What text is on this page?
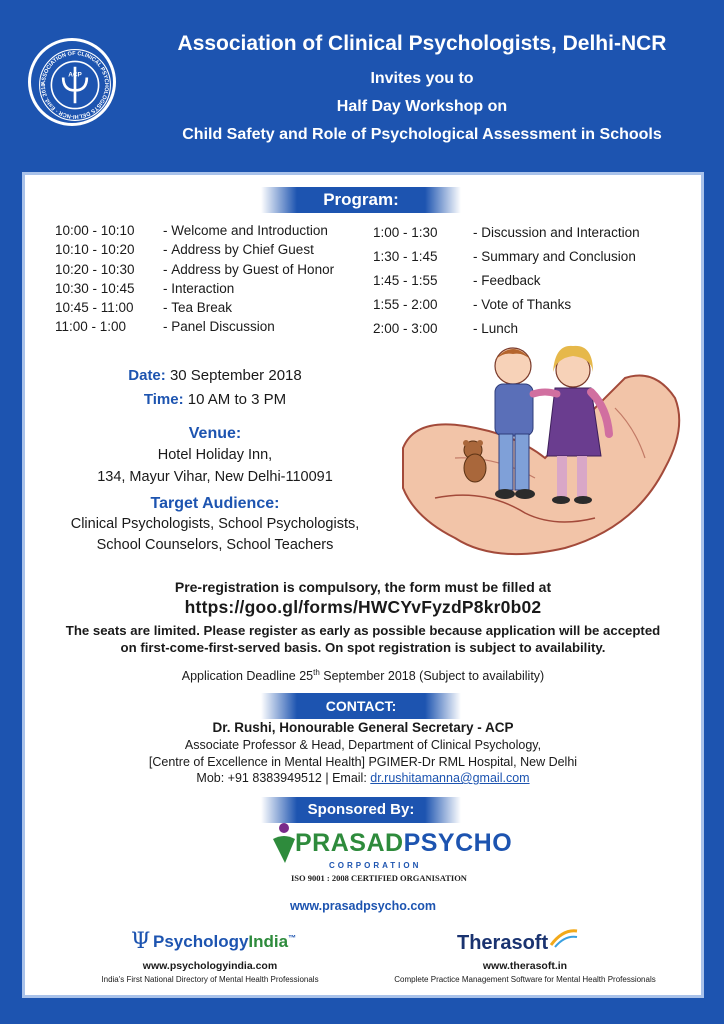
ACP
ASSOCIATION OF CLINICAL PSYCHOLOGISTS DELHI-NCR · Estd. 2018
Association of Clinical Psychologists, Delhi-NCR
Invites you to
Half Day Workshop on
Child Safety and Role of Psychological Assessment in Schools
Program:
10:00 - 10:10 - Welcome and Introduction
10:10 - 10:20 - Address by Chief Guest
10:20 - 10:30 - Address by Guest of Honor
10:30 - 10:45 - Interaction
10:45 - 11:00 - Tea Break
11:00 - 1:00	- Panel Discussion
1:00 - 1:30	- Discussion and Interaction
1:30 - 1:45	- Summary and Conclusion
1:45 - 1:55	- Feedback
1:55 - 2:00	- Vote of Thanks
2:00 - 3:00	- Lunch
Date: 30 September 2018
Time: 10 AM to 3 PM
Venue:
Hotel Holiday Inn,
134, Mayur Vihar, New Delhi-110091
Target Audience:
Clinical Psychologists, School Psychologists,
School Counselors, School Teachers
Pre-registration is compulsory, the form must be filled at
https://goo.gl/forms/HWCYvFyzdP8kr0b02
The seats are limited. Please register as early as possible because application will be accepted
on first-come-first-served basis. On spot registration is subject to availability.
Application Deadline 25th September 2018 (Subject to availability)
CONTACT:
Dr. Rushi, Honourable General Secretary - ACP
Associate Professor & Head, Department of Clinical Psychology,
[Centre of Excellence in Mental Health] PGIMER-Dr RML Hospital, New Delhi
Mob: +91 8383949512 | Email: dr.rushitamanna@gmail.com
Sponsored By:
PRASADPSYCHO
CORPORATION
ISO 9001 : 2008 CERTIFIED ORGANISATION
www.prasadpsycho.com
Ψ PsychologyIndia™
www.psychologyindia.com
India's First National Directory of Mental Health Professionals
Therasoft
www.therasoft.in
Complete Practice Management Software for Mental Health Professionals
